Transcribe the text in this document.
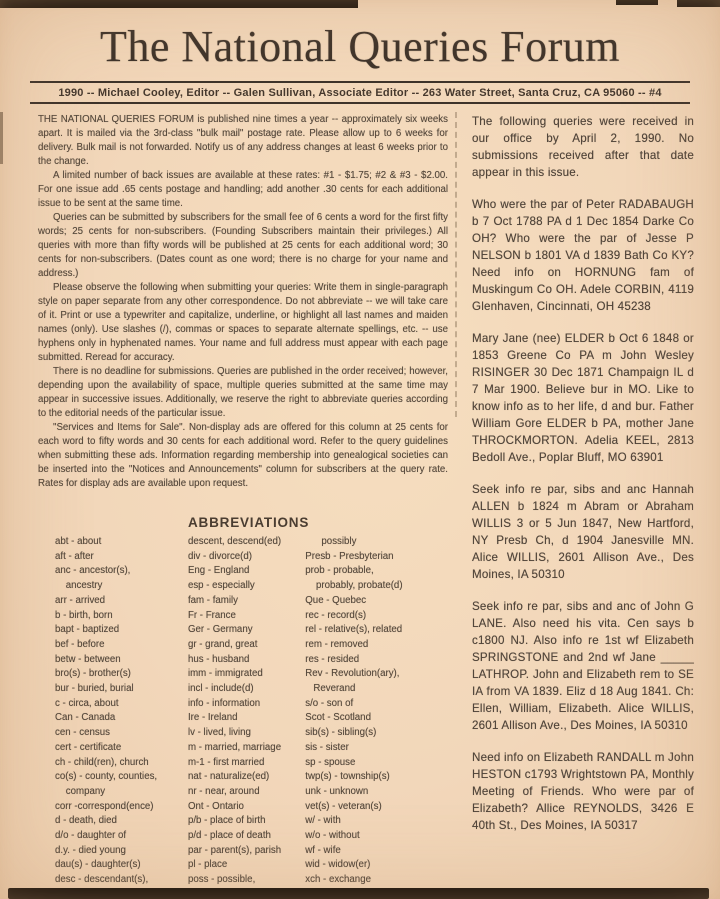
The National Queries Forum
1990 -- Michael Cooley, Editor -- Galen Sullivan, Associate Editor -- 263 Water Street, Santa Cruz, CA 95060 -- #4
THE NATIONAL QUERIES FORUM is published nine times a year -- approximately six weeks apart. It is mailed via the 3rd-class "bulk mail" postage rate. Please allow up to 6 weeks for delivery. Bulk mail is not forwarded. Notify us of any address changes at least 6 weeks prior to the change.
A limited number of back issues are available at these rates: #1 - $1.75; #2 & #3 - $2.00. For one issue add .65 cents postage and handling; add another .30 cents for each additional issue to be sent at the same time.
Queries can be submitted by subscribers for the small fee of 6 cents a word for the first fifty words; 25 cents for non-subscribers. (Founding Subscribers maintain their privileges.) All queries with more than fifty words will be published at 25 cents for each additional word; 30 cents for non-subscribers. (Dates count as one word; there is no charge for your name and address.)
Please observe the following when submitting your queries: Write them in single-paragraph style on paper separate from any other correspondence. Do not abbreviate -- we will take care of it. Print or use a typewriter and capitalize, underline, or highlight all last names and maiden names (only). Use slashes (/), commas or spaces to separate alternate spellings, etc. -- use hyphens only in hyphenated names. Your name and full address must appear with each page submitted. Reread for accuracy.
There is no deadline for submissions. Queries are published in the order received; however, depending upon the availability of space, multiple queries submitted at the same time may appear in successive issues. Additionally, we reserve the right to abbreviate queries according to the editorial needs of the particular issue.
"Services and Items for Sale". Non-display ads are offered for this column at 25 cents for each word to fifty words and 30 cents for each additional word. Refer to the query guidelines when submitting these ads. Information regarding membership into genealogical societies can be inserted into the "Notices and Announcements" column for subscribers at the query rate. Rates for display ads are available upon request.
ABBREVIATIONS
abt - about
aft - after
anc - ancestor(s),
ancestry
arr - arrived
b - birth, born
bapt - baptized
bef - before
betw - between
bro(s) - brother(s)
bur - buried, burial
c - circa, about
Can - Canada
cen - census
cert - certificate
ch - child(ren), church
co(s) - county, counties,
company
corr -correspond(ence)
d - death, died
d/o - daughter of
d.y. - died young
dau(s) - daughter(s)
desc - descendant(s),
descent, descend(ed)
div - divorce(d)
Eng - England
esp - especially
fam - family
Fr - France
Ger - Germany
gr - grand, great
hus - husband
imm - immigrated
incl - include(d)
info - information
Ire - Ireland
lv - lived, living
m - married, marriage
m-1 - first married
nat - naturalize(ed)
nr - near, around
Ont - Ontario
p/b - place of birth
p/d - place of death
par - parent(s), parish
pl - place
poss - possible,
possibly
Presb - Presbyterian
prob - probable,
probably, probate(d)
Que - Quebec
rec - record(s)
rel - relative(s), related
rem - removed
res - resided
Rev - Revolution(ary),
Reverand
s/o - son of
Scot - Scotland
sib(s) - sibling(s)
sis - sister
sp - spouse
twp(s) - township(s)
unk - unknown
vet(s) - veteran(s)
w/ - with
w/o - without
wf - wife
wid - widow(er)
xch - exchange
The following queries were received in our office by April 2, 1990. No submissions received after that date appear in this issue.
Who were the par of Peter RADABAUGH b 7 Oct 1788 PA d 1 Dec 1854 Darke Co OH? Who were the par of Jesse P NELSON b 1801 VA d 1839 Bath Co KY? Need info on HORNUNG fam of Muskingum Co OH. Adele CORBIN, 4119 Glenhaven, Cincinnati, OH 45238
Mary Jane (nee) ELDER b Oct 6 1848 or 1853 Greene Co PA m John Wesley RISINGER 30 Dec 1871 Champaign IL d 7 Mar 1900. Believe bur in MO. Like to know info as to her life, d and bur. Father William Gore ELDER b PA, mother Jane THROCKMORTON. Adelia KEEL, 2813 Bedoll Ave., Poplar Bluff, MO 63901
Seek info re par, sibs and anc Hannah ALLEN b 1824 m Abram or Abraham WILLIS 3 or 5 Jun 1847, New Hartford, NY Presb Ch, d 1904 Janesville MN. Alice WILLIS, 2601 Allison Ave., Des Moines, IA 50310
Seek info re par, sibs and anc of John G LANE. Also need his vita. Cen says b c1800 NJ. Also info re 1st wf Elizabeth SPRINGSTONE and 2nd wf Jane _____ LATHROP. John and Elizabeth rem to SE IA from VA 1839. Eliz d 18 Aug 1841. Ch: Ellen, William, Elizabeth. Alice WILLIS, 2601 Allison Ave., Des Moines, IA 50310
Need info on Elizabeth RANDALL m John HESTON c1793 Wrightstown PA, Monthly Meeting of Friends. Who were par of Elizabeth? Allice REYNOLDS, 3426 E 40th St., Des Moines, IA 50317
